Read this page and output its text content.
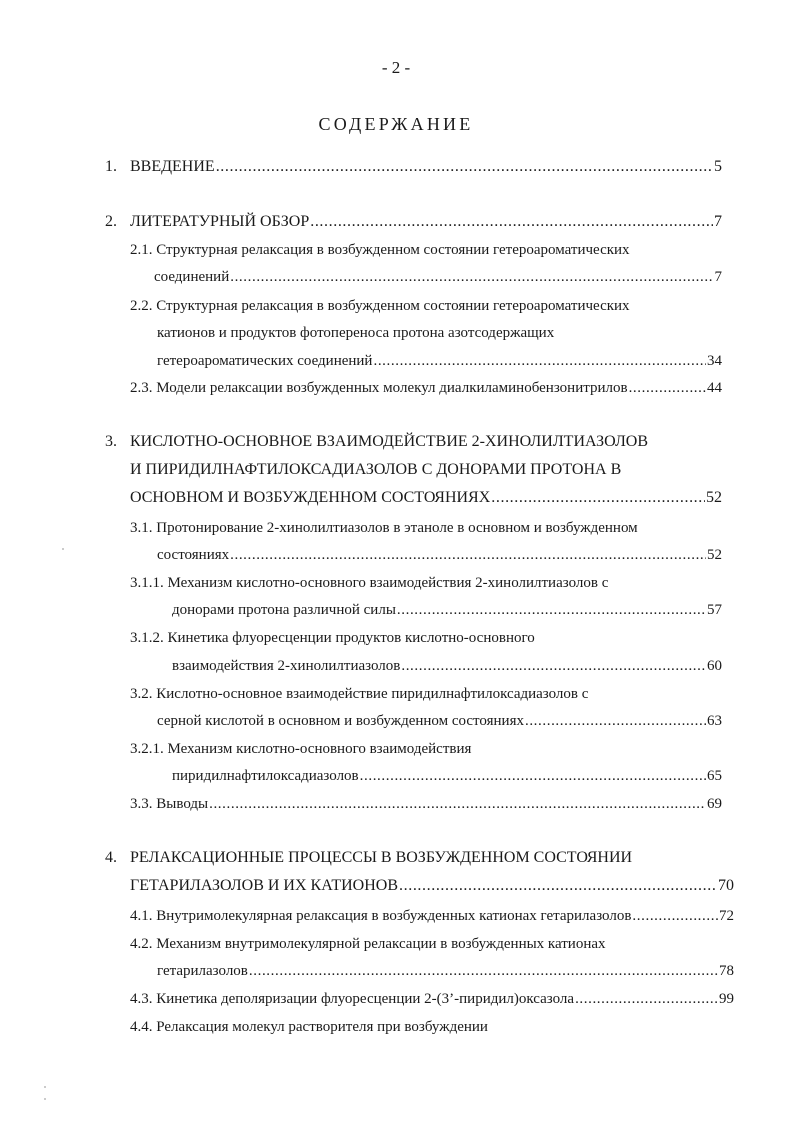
- 2 -
СОДЕРЖАНИЕ
1. ВВЕДЕНИЕ .....	5
2. ЛИТЕРАТУРНЫЙ ОБЗОР .....	7
2.1. Структурная релаксация в возбужденном состоянии гетероароматических
соединений .....	7
2.2. Структурная релаксация в возбужденном состоянии гетероароматических
катионов и продуктов фотопереноса протона азотсодержащих
гетероароматических соединений .....	34
2.3. Модели релаксации возбужденных молекул диалкиламинобензонитрилов .....	44
3. КИСЛОТНО-ОСНОВНОЕ ВЗАИМОДЕЙСТВИЕ 2-ХИНОЛИЛТИАЗОЛОВ
И ПИРИДИЛНАФТИЛОКСАДИАЗОЛОВ С ДОНОРАМИ ПРОТОНА В
ОСНОВНОМ И ВОЗБУЖДЕННОМ СОСТОЯНИЯХ .....	52
3.1. Протонирование 2-хинолилтиазолов в этаноле в основном и возбужденном
состояниях .....	52
3.1.1. Механизм кислотно-основного взаимодействия 2-хинолилтиазолов с
донорами протона различной силы .....	57
3.1.2. Кинетика флуоресценции продуктов кислотно-основного
взаимодействия 2-хинолилтиазолов .....	60
3.2. Кислотно-основное взаимодействие пиридилнафтилоксадиазолов с
серной кислотой в основном и возбужденном состояниях .....	63
3.2.1. Механизм кислотно-основного взаимодействия
пиридилнафтилоксадиазолов .....	65
3.3. Выводы .....	69
4. РЕЛАКСАЦИОННЫЕ ПРОЦЕССЫ В ВОЗБУЖДЕННОМ СОСТОЯНИИ
ГЕТАРИЛАЗОЛОВ И ИХ КАТИОНОВ .....	70
4.1. Внутримолекулярная релаксация в возбужденных катионах гетарилазолов .....	72
4.2. Механизм внутримолекулярной релаксации в возбужденных катионах
гетарилазолов .....	78
4.3. Кинетика деполяризации флуоресценции 2-(3’-пиридил)оксазола .....	99
4.4. Релаксация молекул растворителя при возбуждении
